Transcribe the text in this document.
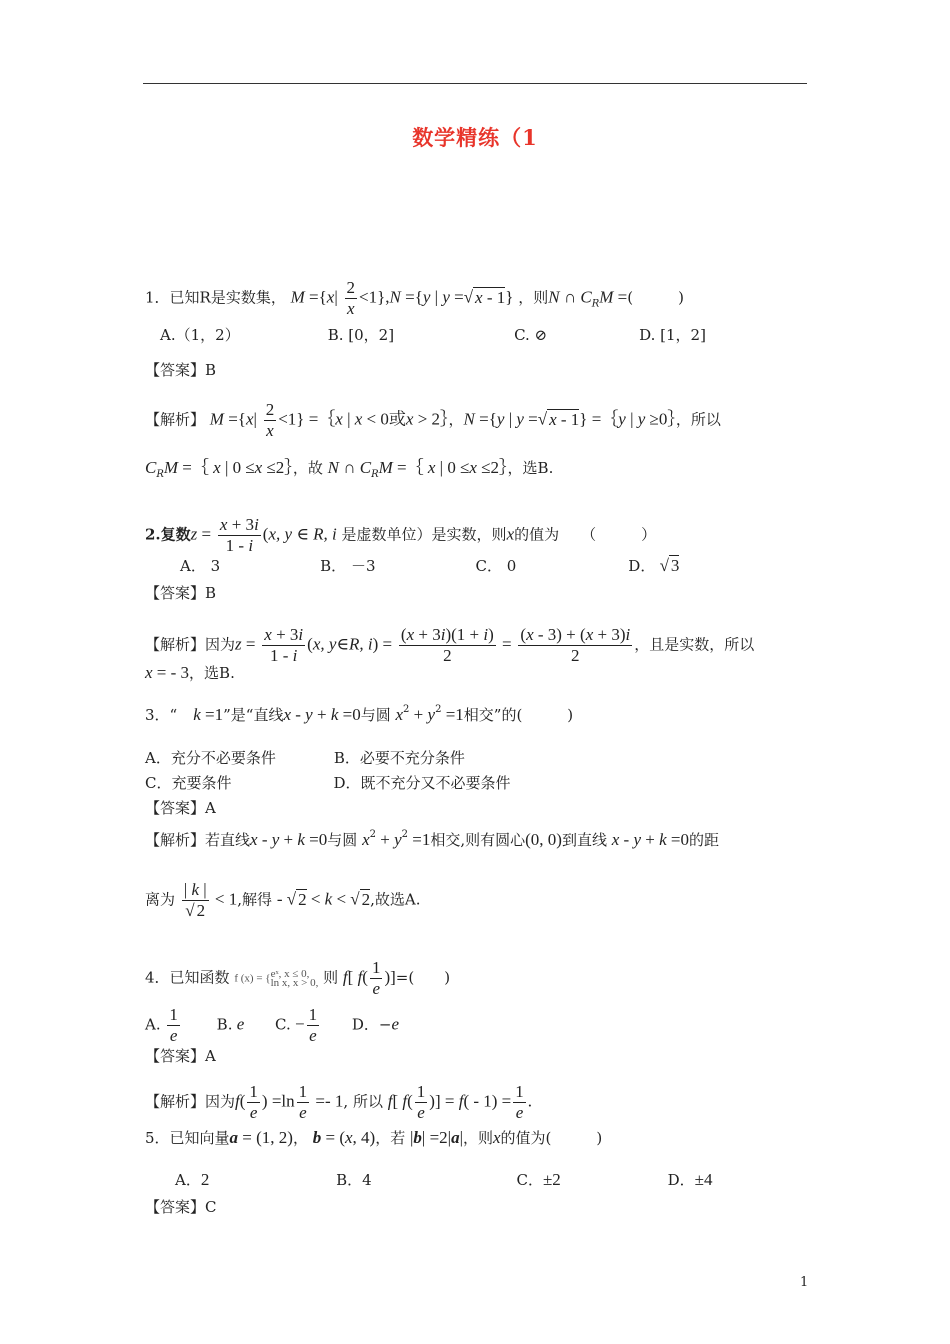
数学精练（1
1．已知R是实数集， $M =\{x| \frac{2}{x} <1\},N =\{y$ | y =√ x - 1} ，则N ∩ $C_RM$ =(　　　)
A.（1，2）	B. [0，2]	C. ⊘	D. [1，2]
【答案】B
【解析】 $M =\{x| \frac{2}{x} <1\}$ =｛x | x < 0或x > 2｝，N ={y | y =√ x - 1} =｛y | y ≥0｝，所以
$C_RM$ =｛ x | 0 ≤x ≤2｝，故 N ∩ $C_RM$ =｛ x | 0 ≤x ≤2｝，选B.
2.复数$z = \frac{x + 3i}{1 - i} (x$, y ∈ R, i 是虚数单位）是实数，则x的值为 （　　　）
A． 3	B． －3	C． 0	D． √ 3
【答案】B
【解析】因为$z = \frac{x + 3i}{1 - i} (x$, y∈R, $i) = \frac{(x + 3i)(1 + i)}{2} = \frac{(x - 3) + (x + 3)i}{2}$ ，且是实数，所以
x = - 3，选B.
3．“ k =1”是“直线x - y + k =0与圆 $x^2 + y^2 =1$相交”的(　　　)
A．充分不必要条件	B．必要不充分条件
C．充要条件	D．既不充分又不必要条件
【答案】A
【解析】若直线x - y + k =0与圆 $x^2 + y^2 =1$相交,则有圆心(0, 0)到直线 x - y + k =0的距
离为 $\frac{| k |}{√ 2} < 1$,解得 - √ 2 < k < √ 2,故选A.
4．已知函数 f (x) = {eˣ, x ≤ 0,
ln x, x > 0, 则 f[ $f( \frac{1}{e}$ )]=(　　)
A. $\frac{1}{e} B$. e C. − $\frac{1}{e}$ D．−e
【答案】A
【解析】因为$f( \frac{1}{e}$ ) $=\ln \frac{1}{e} =- 1$, 所以 f[ $f( \frac{1}{e}$ )] = $f( - 1) = \frac{1}{e}$ .
5．已知向量a = (1, 2)， b = (x, 4)，若 |b| =2|a|，则x的值为(　　　)
A．2	B．4	C．±2	D．±4
【答案】C
1
